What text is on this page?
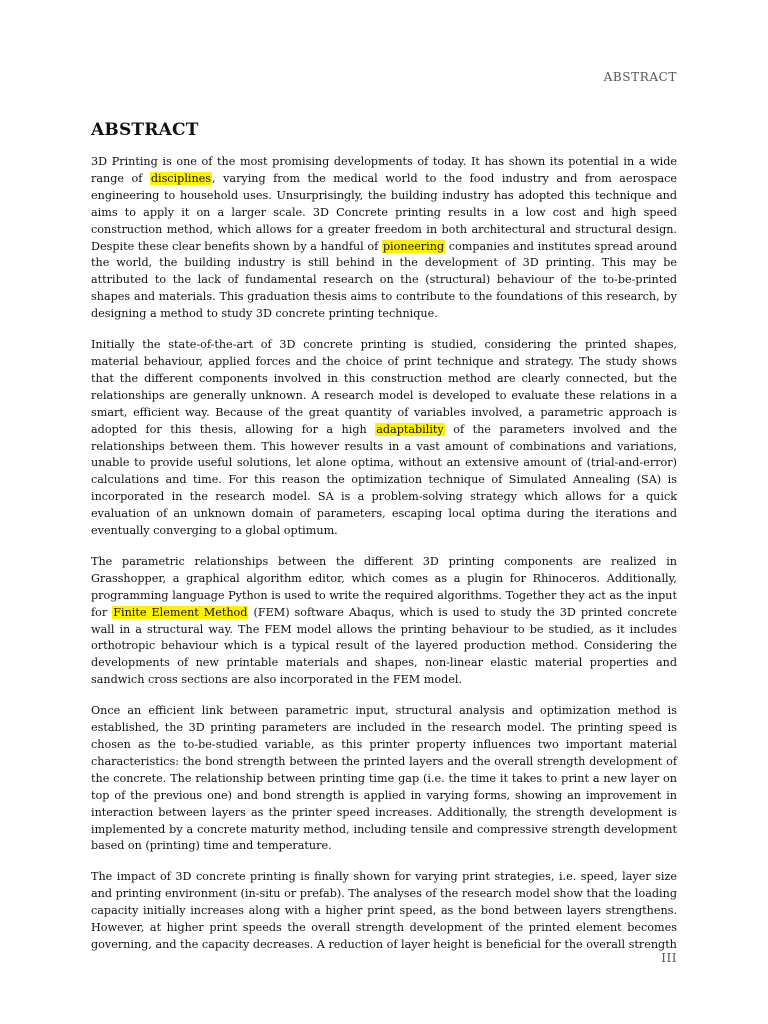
ABSTRACT
ABSTRACT

3D Printing is one of the most promising developments of today. It has shown its potential in a wide range of disciplines, varying from the medical world to the food industry and from aerospace engineering to household uses. Unsurprisingly, the building industry has adopted this technique and aims to apply it on a larger scale. 3D Concrete printing results in a low cost and high speed construction method, which allows for a greater freedom in both architectural and structural design. Despite these clear benefits shown by a handful of pioneering companies and institutes spread around the world, the building industry is still behind in the development of 3D printing. This may be attributed to the lack of fundamental research on the (structural) behaviour of the to-be-printed shapes and materials. This graduation thesis aims to contribute to the foundations of this research, by designing a method to study 3D concrete printing technique.

Initially the state-of-the-art of 3D concrete printing is studied, considering the printed shapes, material behaviour, applied forces and the choice of print technique and strategy. The study shows that the different components involved in this construction method are clearly connected, but the relationships are generally unknown. A research model is developed to evaluate these relations in a smart, efficient way. Because of the great quantity of variables involved, a parametric approach is adopted for this thesis, allowing for a high adaptability of the parameters involved and the relationships between them. This however results in a vast amount of combinations and variations, unable to provide useful solutions, let alone optima, without an extensive amount of (trial-and-error) calculations and time. For this reason the optimization technique of Simulated Annealing (SA) is incorporated in the research model. SA is a problem-solving strategy which allows for a quick evaluation of an unknown domain of parameters, escaping local optima during the iterations and eventually converging to a global optimum.

The parametric relationships between the different 3D printing components are realized in Grasshopper, a graphical algorithm editor, which comes as a plugin for Rhinoceros. Additionally, programming language Python is used to write the required algorithms. Together they act as the input for Finite Element Method (FEM) software Abaqus, which is used to study the 3D printed concrete wall in a structural way. The FEM model allows the printing behaviour to be studied, as it includes orthotropic behaviour which is a typical result of the layered production method. Considering the developments of new printable materials and shapes, non-linear elastic material properties and sandwich cross sections are also incorporated in the FEM model.

Once an efficient link between parametric input, structural analysis and optimization method is established, the 3D printing parameters are included in the research model. The printing speed is chosen as the to-be-studied variable, as this printer property influences two important material characteristics: the bond strength between the printed layers and the overall strength development of the concrete. The relationship between printing time gap (i.e. the time it takes to print a new layer on top of the previous one) and bond strength is applied in varying forms, showing an improvement in interaction between layers as the printer speed increases. Additionally, the strength development is implemented by a concrete maturity method, including tensile and compressive strength development based on (printing) time and temperature.

The impact of 3D concrete printing is finally shown for varying print strategies, i.e. speed, layer size and printing environment (in-situ or prefab). The analyses of the research model show that the loading capacity initially increases along with a higher print speed, as the bond between layers strengthens. However, at higher print speeds the overall strength development of the printed element becomes governing, and the capacity decreases. A reduction of layer height is beneficial for the overall strength

III
